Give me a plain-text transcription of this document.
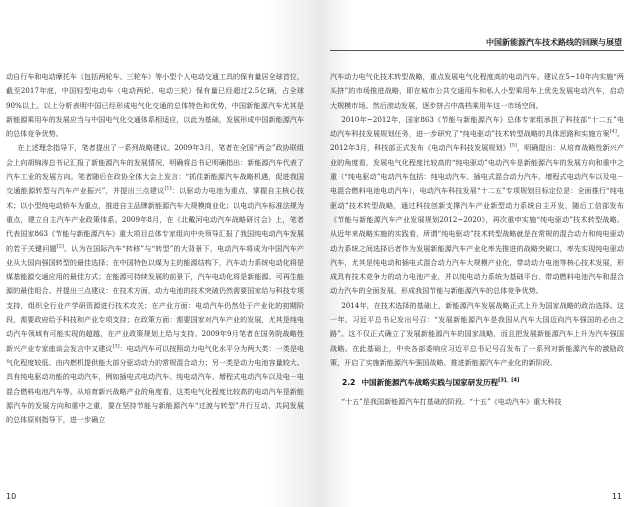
动自行车和电动摩托车（包括两轮车、三轮车）等小型个人电动交通工具的保有量居全球首位，截至2017年底，中国轻型电动车（电动两轮、电动三轮）保有量已经超过2.5亿辆，占全球90%以上。以上分析表明中国已经形成电气化交通的总体特色和优势，中国新能源汽车尤其是新能源乘用车的发展应当与中国电气化交通体系相适应，以此为基础，发展形成中国新能源汽车的总体竞争优势。

在上述理念指导下，笔者提出了一系列战略建议。2009年3月，笔者在全国“两会”政协联组会上向胡锦涛总书记汇报了新能源汽车的发展情况，明确将总书记明确指出：新能源汽车代表了汽车工业的发展方向。笔者随后在政协全体大会上发言：“抓住新能源汽车战略机遇，促进我国交通能源转型与汽车产业振兴”，并提出三点建议[1]：以驱动力电池为重点，掌握自主核心技术；以小型纯电动轿车为重点，推进自主品牌新能源汽车大规模商业化；以电动汽车标准法规为重点，建立自主汽车产业政策体系。2009年8月，在《北戴河电动汽车战略研讨会》上，笔者代表国家863《节能与新能源汽车》重大项目总体专家组向中央领导汇报了我国纯电动汽车发展的若干关键问题[2]。认为在国际汽车“转移”与“转型”的大背景下，电动汽车将成为中国汽车产业从大国向强国转型的最佳选择；在中国特色以煤为主的能源结构下，汽车动力系统电动化将是煤基能源交通应用的最佳方式；在能源可持续发展的前景下，汽车电动化将是新能源、可再生能源的最佳组合。并提出三点建议：在技术方面，动力电池的技术突破仍然需要国家给与科技专项支持，组织全行业产学研资源进行技术攻关；在产业方面：电动汽车仍然处于产业化的初期阶段，需要政府给予科技和产业专项支持；在政策方面：需要国家对汽车产业的发展，尤其是纯电动汽车领域有可能实现的超越，在产业政策规划上给与支持。2009年9月笔者在国务院战略性新兴产业专家座谈会发言中又建议[3]：电动汽车可以按照动力电气化水平分为两大类：一类是电气化程度较低、由内燃机提供能大部分驱动动力的常规混合动力；另一类是动力电池容量较大、具有纯电驱动功能的电动汽车，例如插电式电动汽车、纯电动汽车、增程式电动汽车以及电－电混合燃料电池汽车等。从培育新兴战略产业的角度看，这类电气化程度比较高的电动汽车是新能源汽车的发展方向和重中之重，要在坚持节能与新能源汽车“过渡与转型”并行互动、共同发展的总体原则指导下，进一步确立

10
中国新能源汽车技术路线的回顾与展望

汽车动力电气化技术转型战略，重点发展电气化程度高的电动汽车。建议在5~10年内实施“两头挤”的市场推进战略，即在城市公共交通用车和私人小型乘用车上优先发展电动汽车，启动大规模市场。然后滚动发展，逐步挤占中高档乘用车这一市场空间。

2010年~2012年，国家863《节能与新能源汽车》总体专家组承担了科技部“十二五”电动汽车科技发展规划任务，进一步研究了“纯电驱动”技术转型战略的具体思路和实施方案[4]。2012年3月，科技部正式发布《电动汽车科技发展规划》[5]，明确提出：从培育战略性新兴产业的角度看，发展电气化程度比较高的“纯电驱动”电动汽车是新能源汽车的发展方向和重中之重（“纯电驱动”电动汽车包括：纯电动汽车、插电式混合动力汽车、增程式电动汽车以及电－电混合燃料电池电动汽车），电动汽车科技发展“十二五”专项规划目标定位是：全面推行“纯电驱动”技术转型战略，通过科技创新支撑汽车产业新型动力系统自主开发，随后工信部发布《节能与新能源汽车产业发展规划2012~2020》，再次重申实施“纯电驱动”技术转型战略。从近年来战略实施的实践看，所谓“纯电驱动”技术转型战略就是在常规的混合动力和纯电驱动动力系统之间选择后者作为发展新能源汽车产业化率先推进的战略突破口，率先实现纯电驱动汽车，尤其是纯电动和插电式混合动力汽车大规模产业化，带动动力电池等核心技术发展，形成具有技术竞争力的动力电池产业，并以纯电动力系统为基础平台，带动燃料电池汽车和混合动力汽车的全面发展，形成我国节能与新能源汽车的总体竞争优势。

2014年，在技术选择的基础上，新能源汽车发展战略正式上升为国家战略的政治选择。这一年，习近平总书记发出号召：“发展新能源汽车是我国从汽车大国迈向汽车强国的必由之路”。这不仅正式确立了发展新能源汽车的国家战略，而且把发展新能源汽车上升为汽车强国战略。在此基础上，中央各部委响应习近平总书记号召发布了一系列对新能源汽车的激励政策，开启了实施新能源汽车强国战略、推进新能源汽车产业化的新阶段。

2.2 中国新能源汽车战略实践与国家研发历程[3]，[4]

“十五”是我国新能源汽车打基础的阶段。“十五”《电动汽车》重大科技

11
